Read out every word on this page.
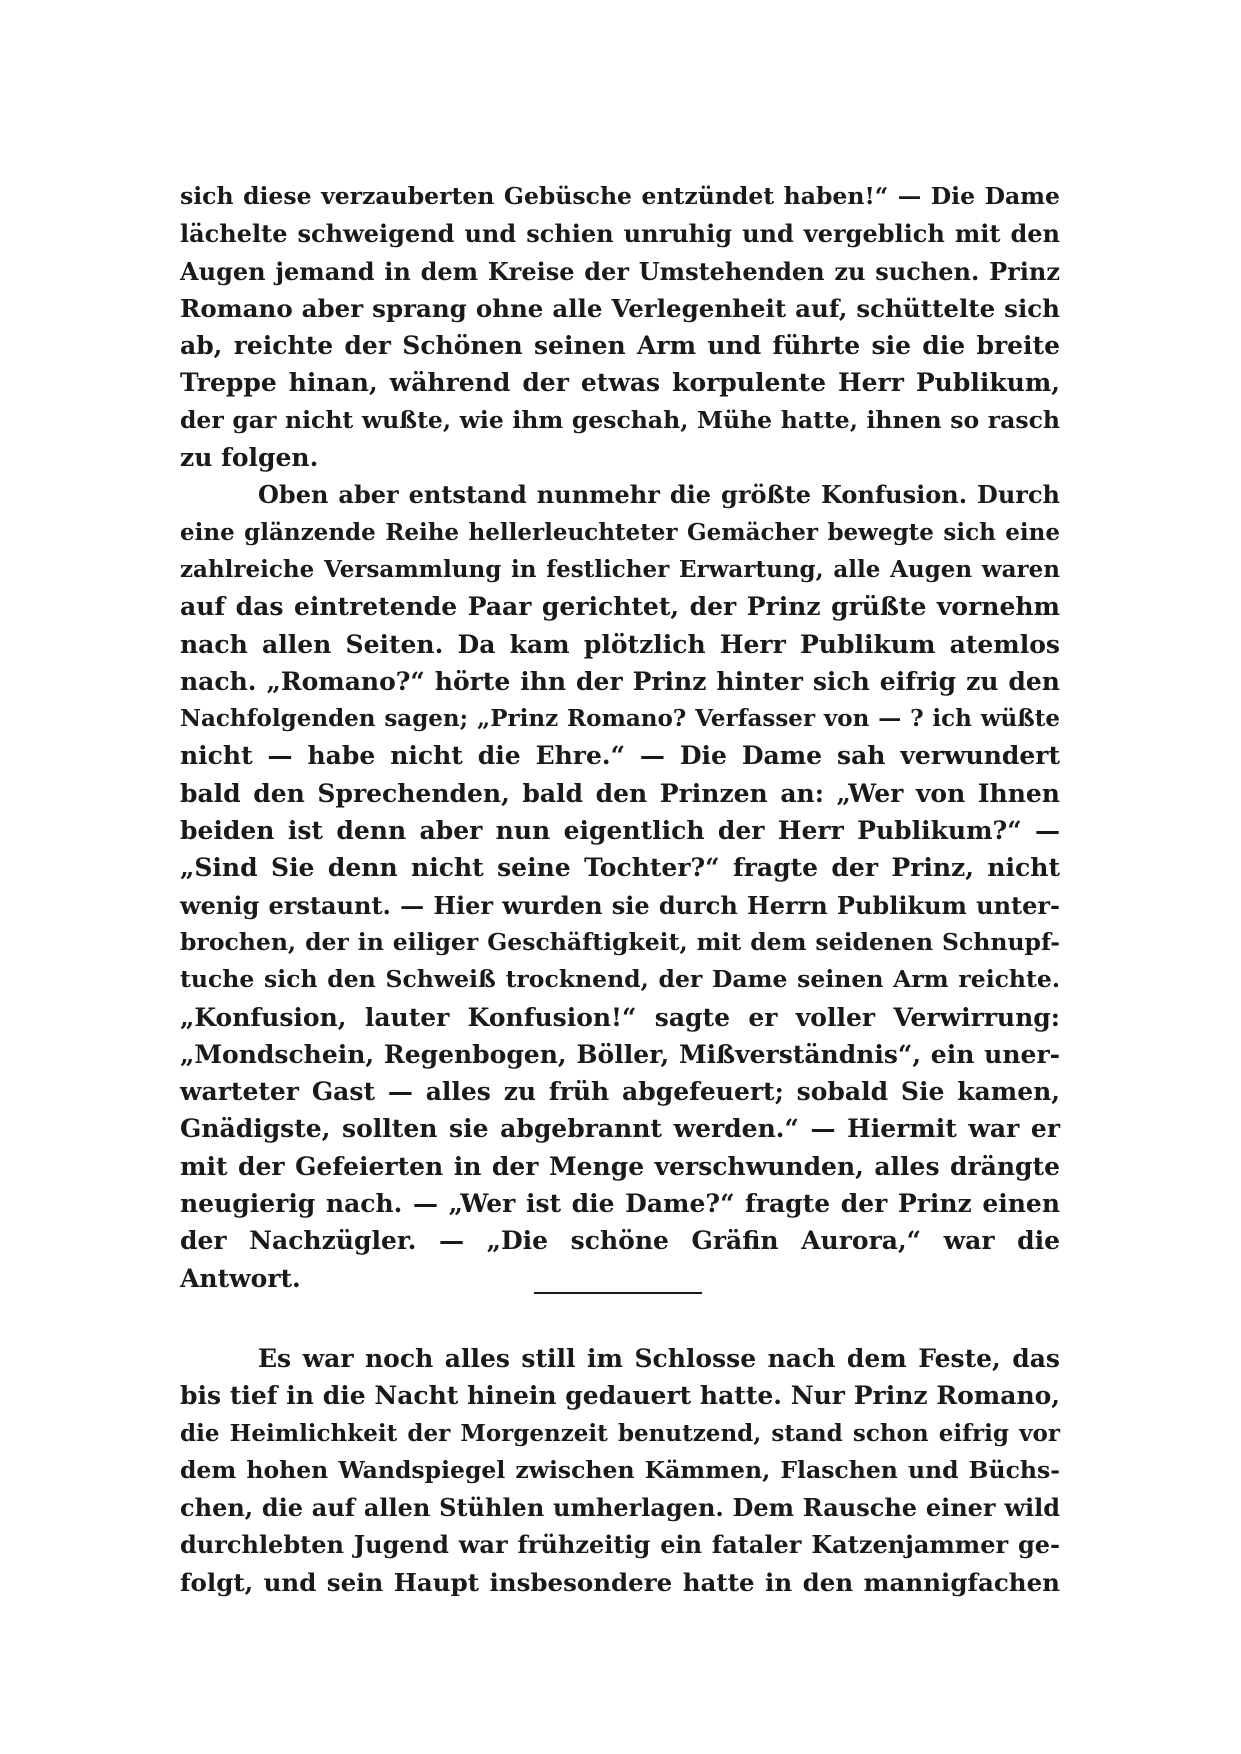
sich diese verzauberten Gebüsche entzündet haben!“ — Die Dame
lächelte schweigend und schien unruhig und vergeblich mit den
Augen jemand in dem Kreise der Umstehenden zu suchen. Prinz
Romano aber sprang ohne alle Verlegenheit auf, schüttelte sich
ab, reichte der Schönen seinen Arm und führte sie die breite
Treppe hinan, während der etwas korpulente Herr Publikum,
der gar nicht wußte, wie ihm geschah, Mühe hatte, ihnen so rasch
zu folgen.
Oben aber entstand nunmehr die größte Konfusion. Durch
eine glänzende Reihe hellerleuchteter Gemächer bewegte sich eine
zahlreiche Versammlung in festlicher Erwartung, alle Augen waren
auf das eintretende Paar gerichtet, der Prinz grüßte vornehm
nach allen Seiten. Da kam plötzlich Herr Publikum atemlos
nach. „Romano?“ hörte ihn der Prinz hinter sich eifrig zu den
Nachfolgenden sagen; „Prinz Romano? Verfasser von — ? ich wüßte
nicht — habe nicht die Ehre.“ — Die Dame sah verwundert
bald den Sprechenden, bald den Prinzen an: „Wer von Ihnen
beiden ist denn aber nun eigentlich der Herr Publikum?“ —
„Sind Sie denn nicht seine Tochter?“ fragte der Prinz, nicht
wenig erstaunt. — Hier wurden sie durch Herrn Publikum unter-
brochen, der in eiliger Geschäftigkeit, mit dem seidenen Schnupf-
tuche sich den Schweiß trocknend, der Dame seinen Arm reichte.
„Konfusion, lauter Konfusion!“ sagte er voller Verwirrung:
„Mondschein, Regenbogen, Böller, Mißverständnis“, ein uner-
warteter Gast — alles zu früh abgefeuert; sobald Sie kamen,
Gnädigste, sollten sie abgebrannt werden.“ — Hiermit war er
mit der Gefeierten in der Menge verschwunden, alles drängte
neugierig nach. — „Wer ist die Dame?“ fragte der Prinz einen
der Nachzügler. — „Die schöne Gräfin Aurora,“ war die
Antwort.
Es war noch alles still im Schlosse nach dem Feste, das
bis tief in die Nacht hinein gedauert hatte. Nur Prinz Romano,
die Heimlichkeit der Morgenzeit benutzend, stand schon eifrig vor
dem hohen Wandspiegel zwischen Kämmen, Flaschen und Büchs-
chen, die auf allen Stühlen umherlagen. Dem Rausche einer wild
durchlebten Jugend war frühzeitig ein fataler Katzenjammer ge-
folgt, und sein Haupt insbesondere hatte in den mannigfachen
